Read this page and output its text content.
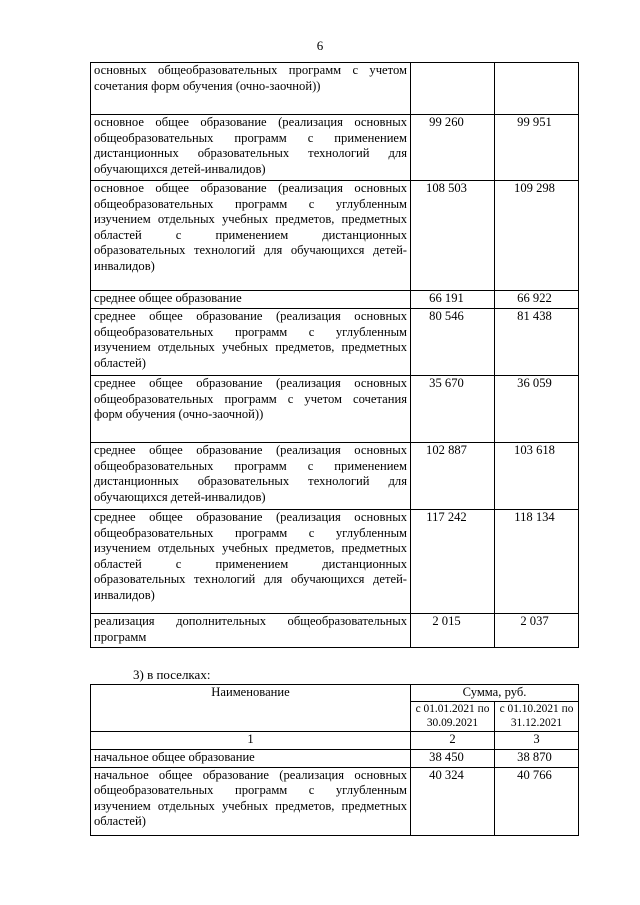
6
основных общеобразовательных программ с учетом сочетания форм обучения (очно-заочной))		
основное общее образование (реализация основных общеобразовательных программ с применением дистанционных образовательных технологий для обучающихся детей-инвалидов)	99 260	99 951
основное общее образование (реализация основных общеобразовательных программ с углубленным изучением отдельных учебных предметов, предметных областей с применением дистанционных образовательных технологий для обучающихся детей-инвалидов)	108 503	109 298
среднее общее образование	66 191	66 922
среднее общее образование (реализация основных общеобразовательных программ с углубленным изучением отдельных учебных предметов, предметных областей)	80 546	81 438
среднее общее образование (реализация основных общеобразовательных программ с учетом сочетания форм обучения (очно-заочной))	35 670	36 059
среднее общее образование (реализация основных общеобразовательных программ с применением дистанционных образовательных технологий для обучающихся детей-инвалидов)	102 887	103 618
среднее общее образование (реализация основных общеобразовательных программ с углубленным изучением отдельных учебных предметов, предметных областей с применением дистанционных образовательных технологий для обучающихся детей-инвалидов)	117 242	118 134
реализация дополнительных общеобразовательных программ	2 015	2 037
3) в поселках:
Наименование	Сумма, руб.	
	с 01.01.2021 по 30.09.2021	с 01.10.2021 по 31.12.2021
1	2	3
начальное общее образование	38 450	38 870
начальное общее образование (реализация основных общеобразовательных программ с углубленным изучением отдельных учебных предметов, предметных областей)	40 324	40 766
